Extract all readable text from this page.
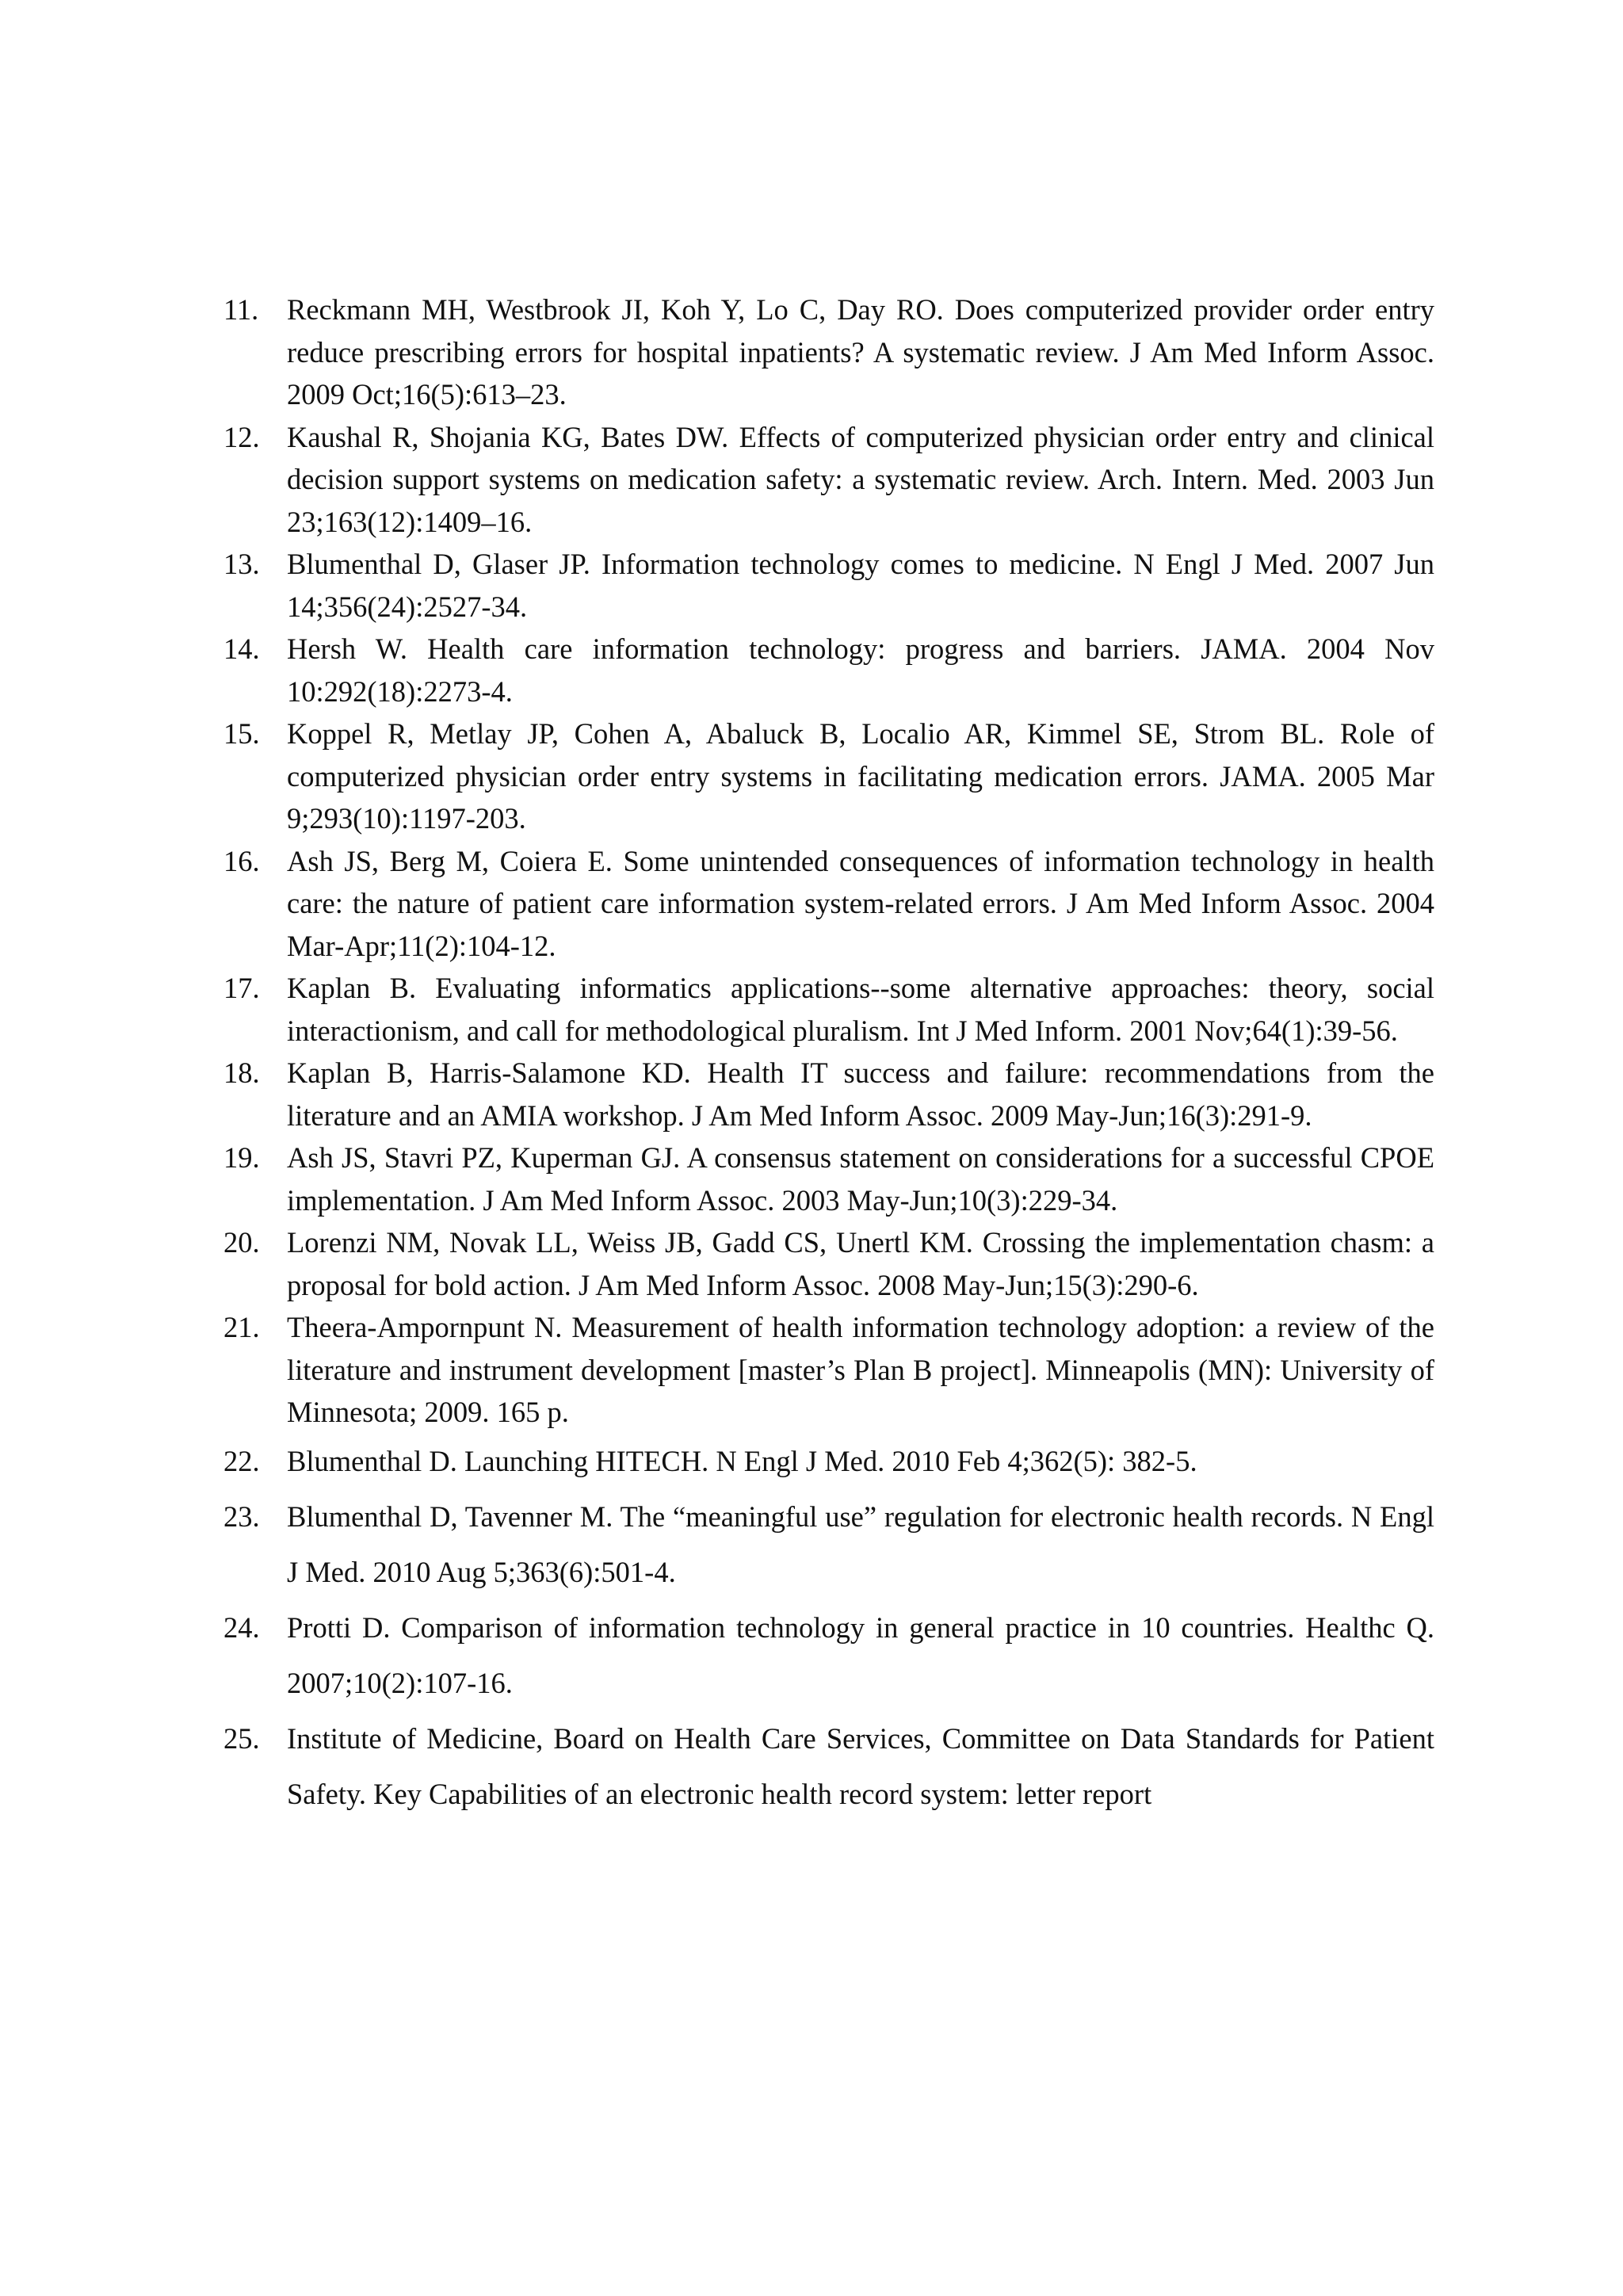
11. Reckmann MH, Westbrook JI, Koh Y, Lo C, Day RO. Does computerized provider order entry reduce prescribing errors for hospital inpatients? A systematic review. J Am Med Inform Assoc. 2009 Oct;16(5):613–23.
12. Kaushal R, Shojania KG, Bates DW. Effects of computerized physician order entry and clinical decision support systems on medication safety: a systematic review. Arch. Intern. Med. 2003 Jun 23;163(12):1409–16.
13. Blumenthal D, Glaser JP. Information technology comes to medicine. N Engl J Med. 2007 Jun 14;356(24):2527-34.
14. Hersh W. Health care information technology: progress and barriers. JAMA. 2004 Nov 10:292(18):2273-4.
15. Koppel R, Metlay JP, Cohen A, Abaluck B, Localio AR, Kimmel SE, Strom BL. Role of computerized physician order entry systems in facilitating medication errors. JAMA. 2005 Mar 9;293(10):1197-203.
16. Ash JS, Berg M, Coiera E. Some unintended consequences of information technology in health care: the nature of patient care information system-related errors. J Am Med Inform Assoc. 2004 Mar-Apr;11(2):104-12.
17. Kaplan B. Evaluating informatics applications--some alternative approaches: theory, social interactionism, and call for methodological pluralism. Int J Med Inform. 2001 Nov;64(1):39-56.
18. Kaplan B, Harris-Salamone KD. Health IT success and failure: recommendations from the literature and an AMIA workshop. J Am Med Inform Assoc. 2009 May-Jun;16(3):291-9.
19. Ash JS, Stavri PZ, Kuperman GJ. A consensus statement on considerations for a successful CPOE implementation. J Am Med Inform Assoc. 2003 May-Jun;10(3):229-34.
20. Lorenzi NM, Novak LL, Weiss JB, Gadd CS, Unertl KM. Crossing the implementation chasm: a proposal for bold action. J Am Med Inform Assoc. 2008 May-Jun;15(3):290-6.
21. Theera-Ampornpunt N. Measurement of health information technology adoption: a review of the literature and instrument development [master’s Plan B project]. Minneapolis (MN): University of Minnesota; 2009. 165 p.
22. Blumenthal D. Launching HITECH. N Engl J Med. 2010 Feb 4;362(5): 382-5.
23. Blumenthal D, Tavenner M. The “meaningful use” regulation for electronic health records. N Engl J Med. 2010 Aug 5;363(6):501-4.
24. Protti D. Comparison of information technology in general practice in 10 countries. Healthc Q. 2007;10(2):107-16.
25. Institute of Medicine, Board on Health Care Services, Committee on Data Standards for Patient Safety. Key Capabilities of an electronic health record system: letter report
